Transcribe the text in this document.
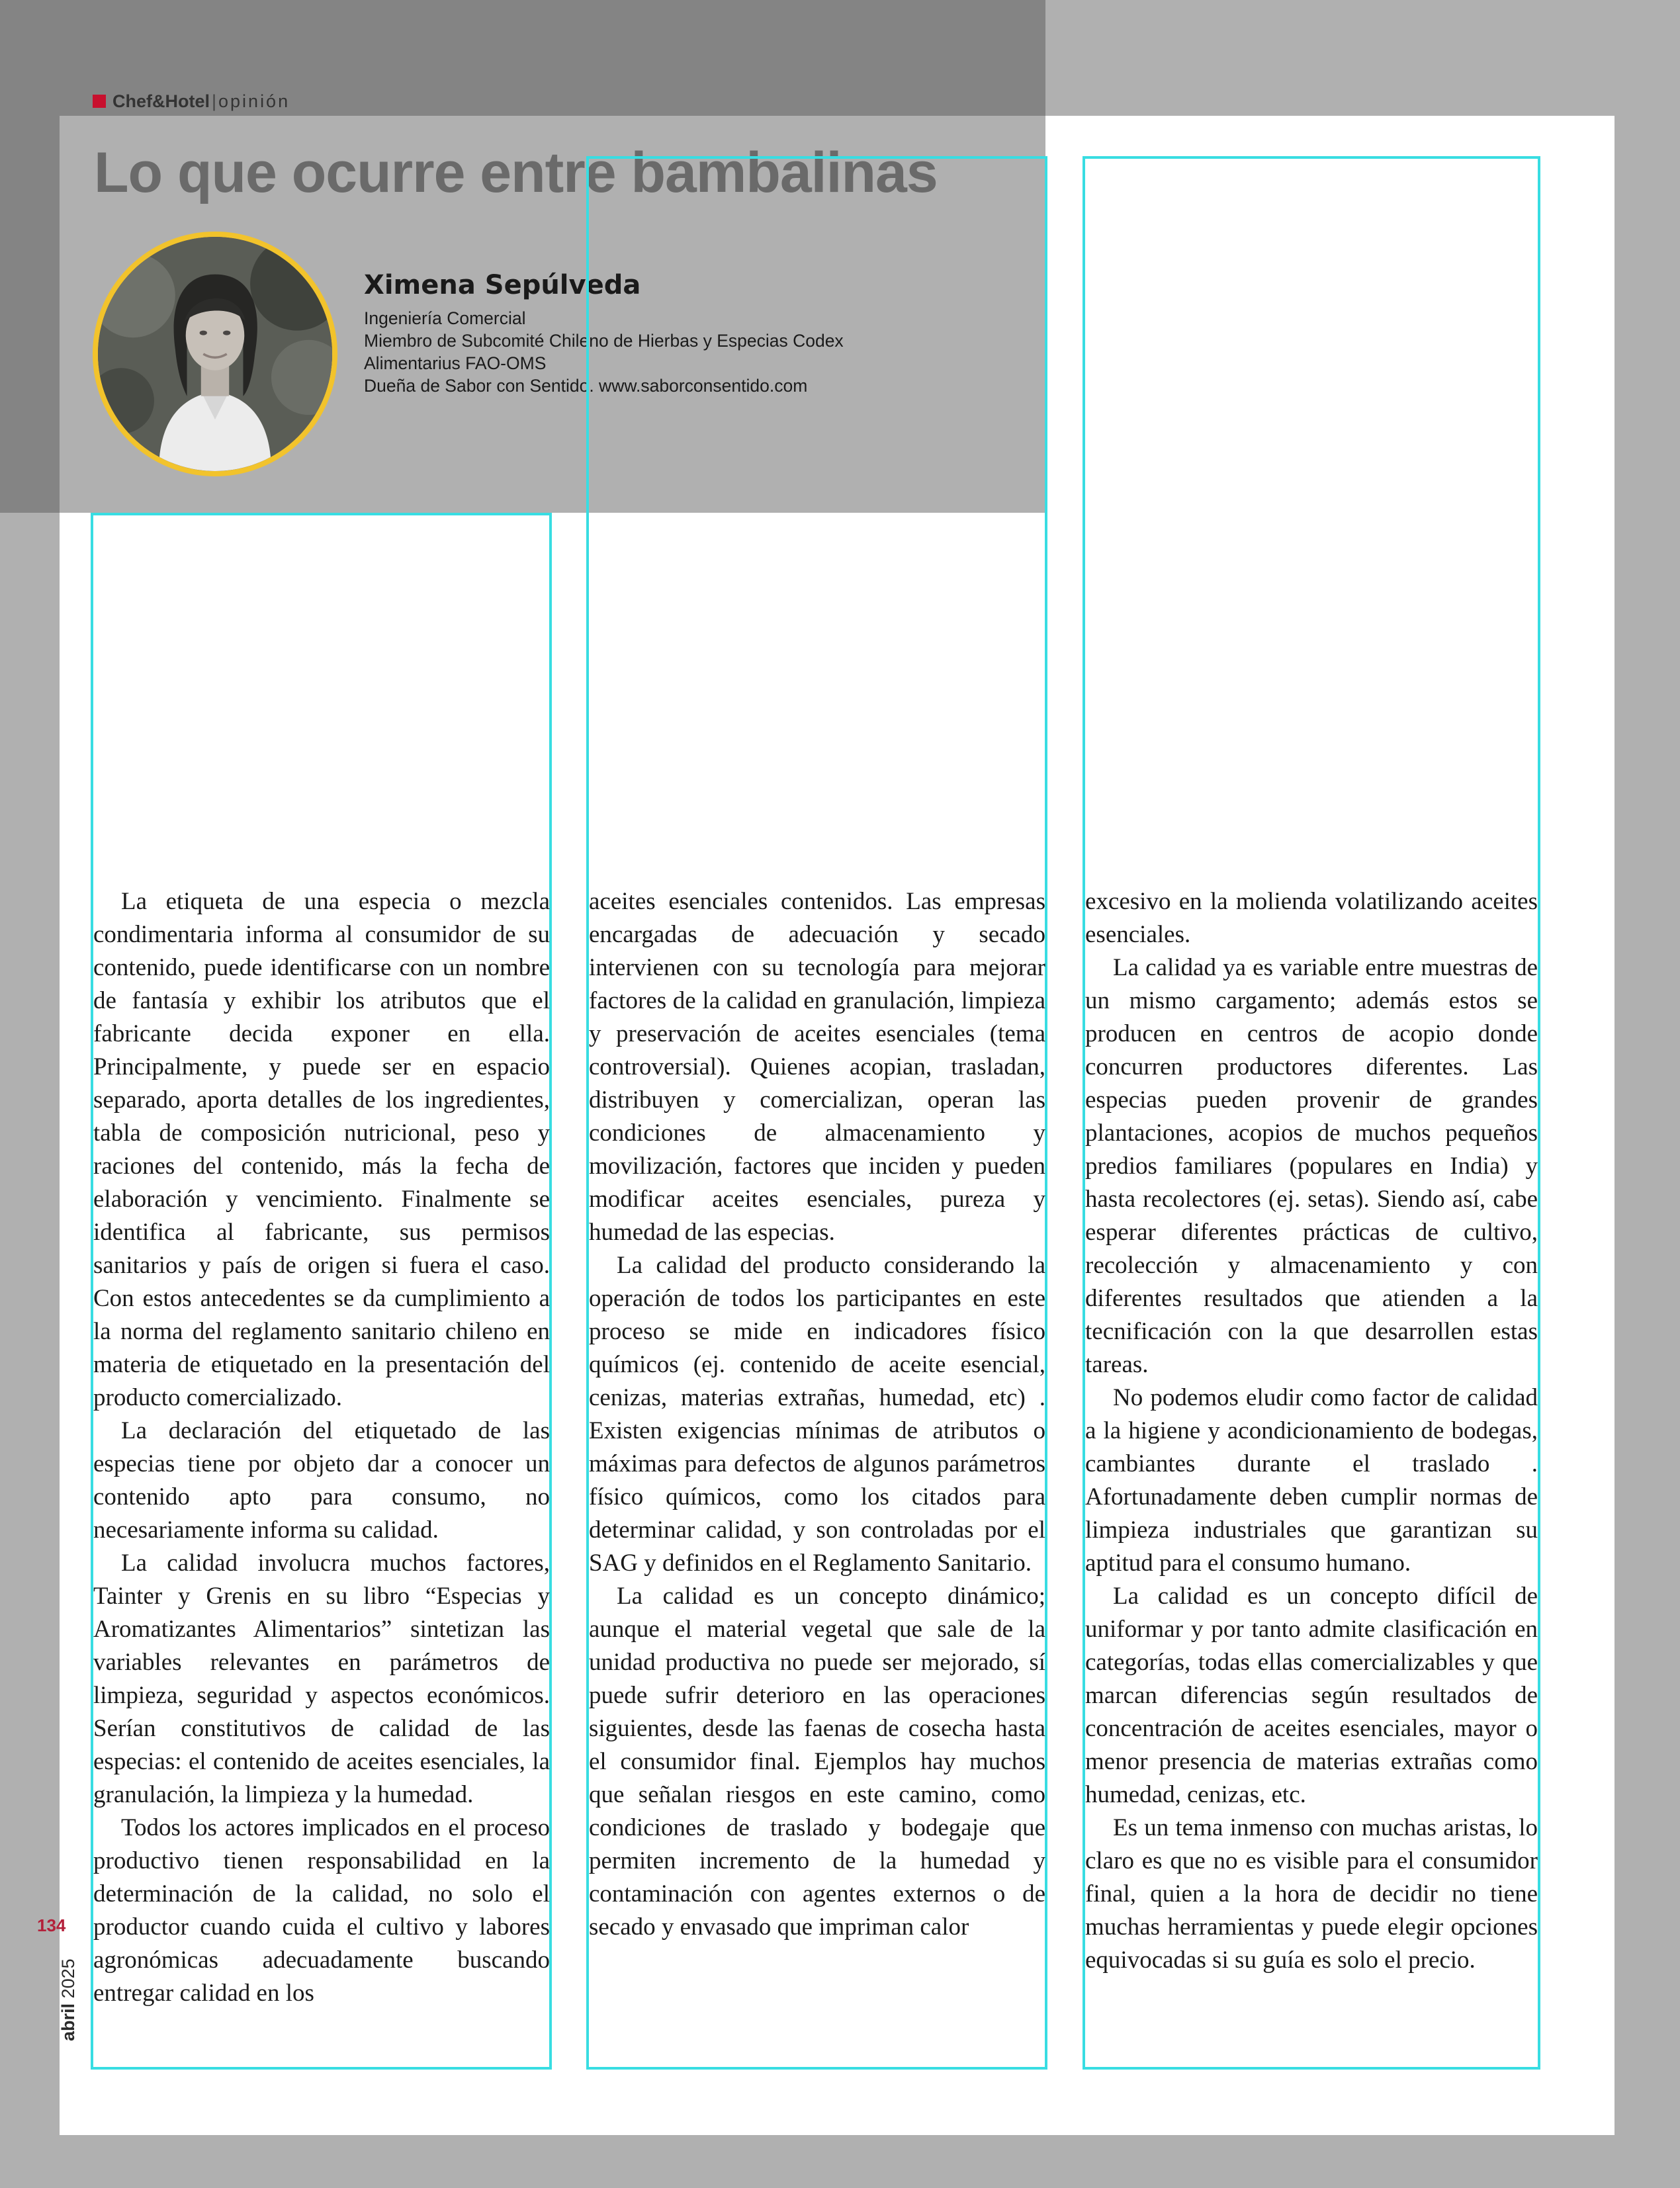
Chef&Hotel | opinión
Lo que ocurre entre bambalinas
Ximena Sepúlveda
Ingeniería Comercial
Miembro de Subcomité Chileno de Hierbas y Especias Codex
Alimentarius FAO-OMS
Dueña de Sabor con Sentido. www.saborconsentido.com

La etiqueta de una especia o mezcla condimentaria informa al consumidor de su contenido, puede identificarse con un nombre de fantasía y exhibir los atributos que el fabricante decida exponer en ella. Principalmente, y puede ser en espacio separado, aporta detalles de los ingredientes, tabla de composición nutricional, peso y raciones del contenido, más la fecha de elaboración y vencimiento. Finalmente se identifica al fabricante, sus permisos sanitarios y país de origen si fuera el caso. Con estos antecedentes se da cumplimiento a la norma del reglamento sanitario chileno en materia de etiquetado en la presentación del producto comercializado.

La declaración del etiquetado de las especias tiene por objeto dar a conocer un contenido apto para consumo, no necesariamente informa su calidad.

La calidad involucra muchos factores, Tainter y Grenis en su libro “Especias y Aromatizantes Alimentarios” sintetizan las variables relevantes en parámetros de limpieza, seguridad y aspectos económicos. Serían constitutivos de calidad de las especias: el contenido de aceites esenciales, la granulación, la limpieza y la humedad.

Todos los actores implicados en el proceso productivo tienen responsabilidad en la determinación de la calidad, no solo el productor cuando cuida el cultivo y labores agronómicas adecuadamente buscando entregar calidad en los

aceites esenciales contenidos. Las empresas encargadas de adecuación y secado intervienen con su tecnología para mejorar factores de la calidad en granulación, limpieza y preservación de aceites esenciales (tema controversial). Quienes acopian, trasladan, distribuyen y comercializan, operan las condiciones de almacenamiento y movilización, factores que inciden y pueden modificar aceites esenciales, pureza y humedad de las especias.

La calidad del producto considerando la operación de todos los participantes en este proceso se mide en indicadores físico químicos (ej. contenido de aceite esencial, cenizas, materias extrañas, humedad, etc) . Existen exigencias mínimas de atributos o máximas para defectos de algunos parámetros físico químicos, como los citados para determinar calidad, y son controladas por el SAG y definidos en el Reglamento Sanitario.

La calidad es un concepto dinámico; aunque el material vegetal que sale de la unidad productiva no puede ser mejorado, sí puede sufrir deterioro en las operaciones siguientes, desde las faenas de cosecha hasta el consumidor final. Ejemplos hay muchos que señalan riesgos en este camino, como condiciones de traslado y bodegaje que permiten incremento de la humedad y contaminación con agentes externos o de secado y envasado que impriman calor

excesivo en la molienda volatilizando aceites esenciales.

La calidad ya es variable entre muestras de un mismo cargamento; además estos se producen en centros de acopio donde concurren productores diferentes. Las especias pueden provenir de grandes plantaciones, acopios de muchos pequeños predios familiares (populares en India) y hasta recolectores (ej. setas). Siendo así, cabe esperar diferentes prácticas de cultivo, recolección y almacenamiento y con diferentes resultados que atienden a la tecnificación con la que desarrollen estas tareas.

No podemos eludir como factor de calidad a la higiene y acondicionamiento de bodegas, cambiantes durante el traslado . Afortunadamente deben cumplir normas de limpieza industriales que garantizan su aptitud para el consumo humano.

La calidad es un concepto difícil de uniformar y por tanto admite clasificación en categorías, todas ellas comercializables y que marcan diferencias según resultados de concentración de aceites esenciales, mayor o menor presencia de materias extrañas como humedad, cenizas, etc.

Es un tema inmenso con muchas aristas, lo claro es que no es visible para el consumidor final, quien a la hora de decidir no tiene muchas herramientas y puede elegir opciones equivocadas si su guía es solo el precio.

134
abril 2025
